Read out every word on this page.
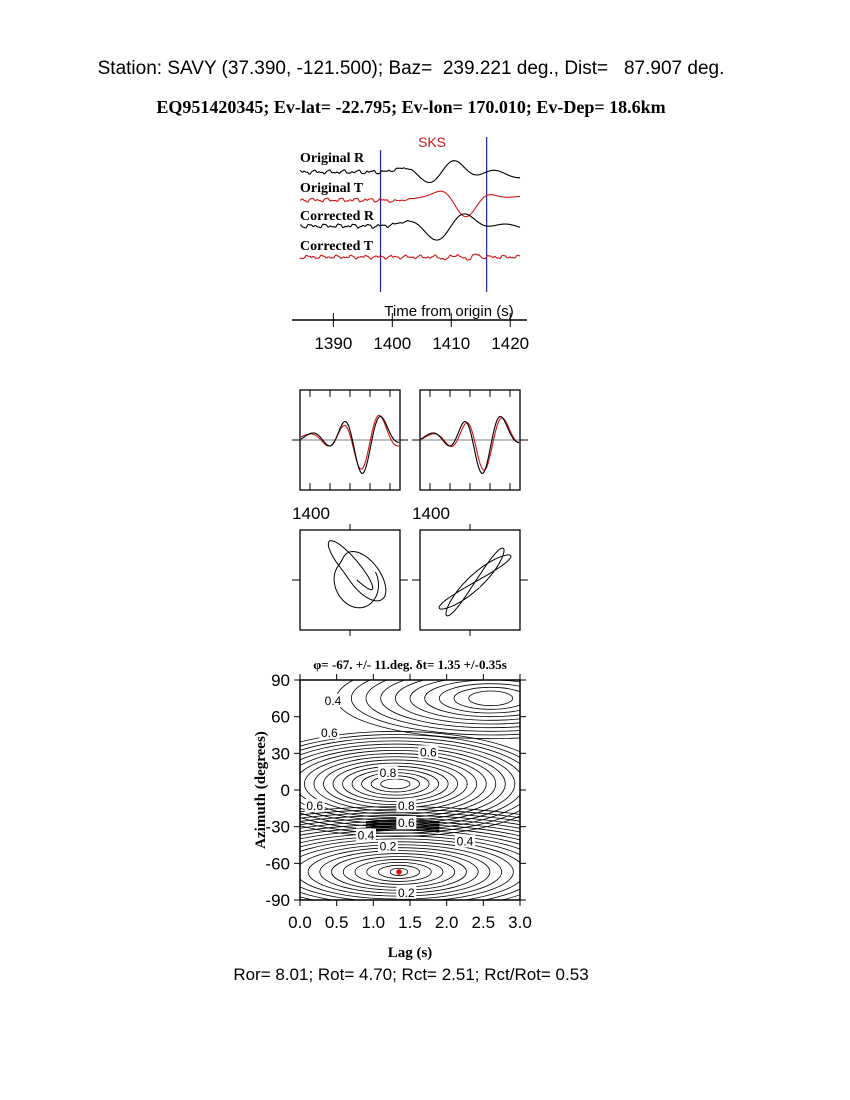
Station: SAVY (37.390, -121.500); Baz=  239.221 deg., Dist=   87.907 deg.
EQ951420345; Ev-lat= -22.795; Ev-lon= 170.010; Ev-Dep= 18.6km
SKS
Original R
Original T
Corrected R
Corrected T
Time from origin (s)
1390 1400 1410 1420
1400	1400
φ= -67. +/- 11.deg. δt= 1.35 +/-0.35s
0.4
0.6
0.6
0.8
0.6	0.8
0.6
0.4
0.2	0.4
0.2
0.0 0.5 1.0 1.5 2.0 2.5 3.0
90
60
30
0
-30
-60
-90
Lag (s)
Azimuth (degrees)
Ror= 8.01; Rot= 4.70; Rct= 2.51; Rct/Rot= 0.53
